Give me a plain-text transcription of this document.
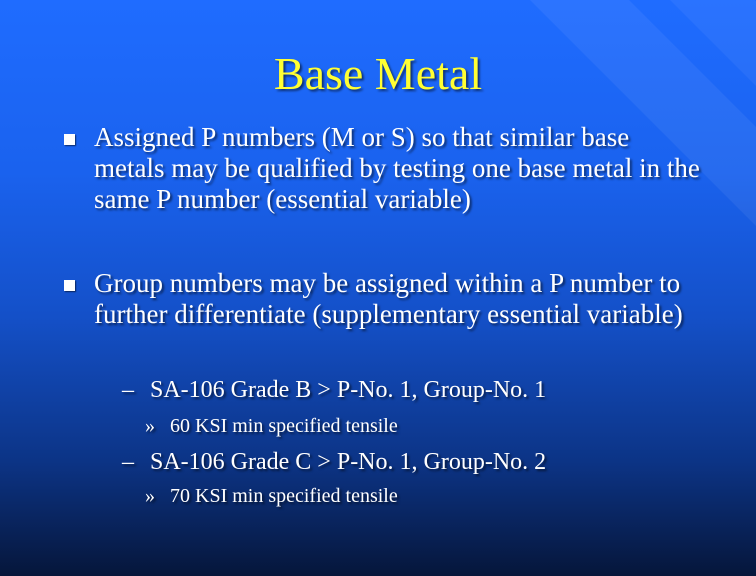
Base Metal
Assigned P numbers (M or S) so that similar base metals may be qualified by testing one base metal in the same P number (essential variable)
Group numbers may be assigned within a P number to further differentiate (supplementary essential variable)
– SA-106 Grade B > P-No. 1, Group-No. 1
» 60 KSI min specified tensile
– SA-106 Grade C > P-No. 1, Group-No. 2
» 70 KSI min specified tensile
